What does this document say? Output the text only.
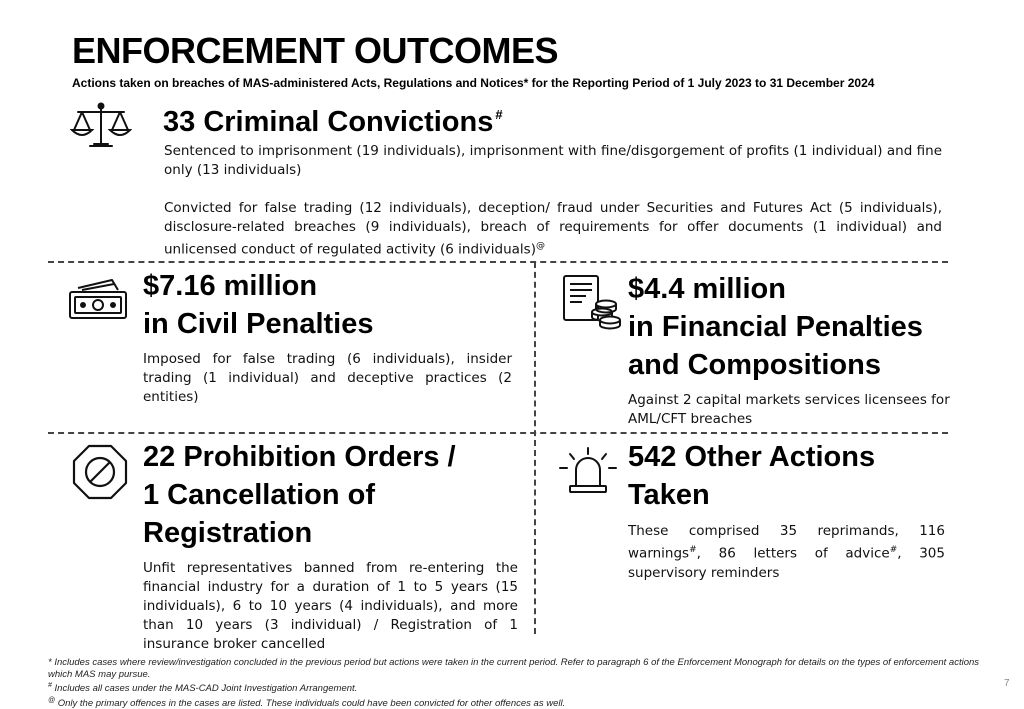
ENFORCEMENT OUTCOMES
Actions taken on breaches of MAS-administered Acts, Regulations and Notices* for the Reporting Period of 1 July 2023 to 31 December 2024
33 Criminal Convictions #
Sentenced to imprisonment (19 individuals), imprisonment with fine/disgorgement of profits (1 individual) and fine only (13 individuals)
Convicted for false trading (12 individuals), deception/ fraud under Securities and Futures Act (5 individuals), disclosure-related breaches (9 individuals), breach of requirements for offer documents (1 individual) and unlicensed conduct of regulated activity (6 individuals)@
$7.16 million
in Civil Penalties
Imposed for false trading (6 individuals), insider trading (1 individual) and deceptive practices (2 entities)
$4.4 million
in Financial Penalties
and Compositions
Against 2 capital markets services licensees for AML/CFT breaches
22 Prohibition Orders /
1 Cancellation of
Registration
Unfit representatives banned from re-entering the financial industry for a duration of 1 to 5 years (15 individuals), 6 to 10 years (4 individuals), and more than 10 years (3 individual) / Registration of 1 insurance broker cancelled
542 Other Actions
Taken
These comprised 35 reprimands, 116 warnings#, 86 letters of advice#, 305 supervisory reminders
* Includes cases where review/investigation concluded in the previous period but actions were taken in the current period. Refer to paragraph 6 of the Enforcement Monograph for details on the types of enforcement actions which MAS may pursue.
# Includes all cases under the MAS-CAD Joint Investigation Arrangement.
@ Only the primary offences in the cases are listed. These individuals could have been convicted for other offences as well.
7
